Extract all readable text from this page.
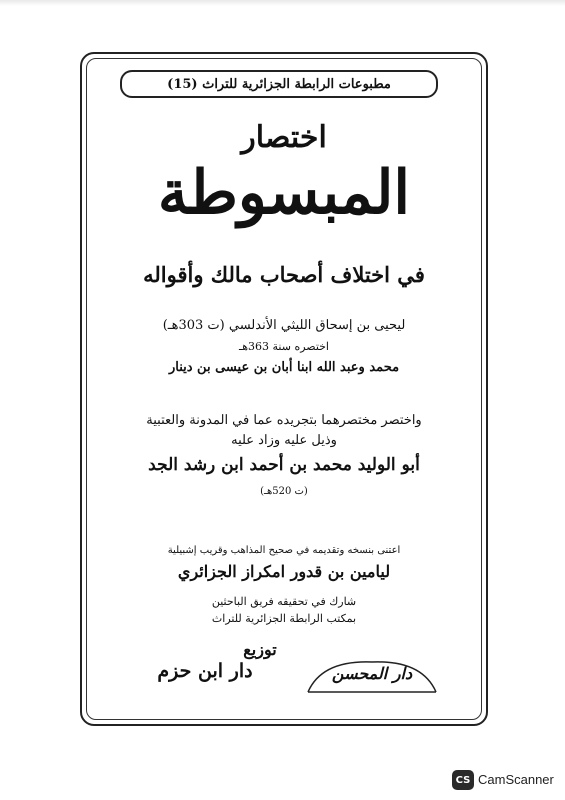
مطبوعات الرابطة الجزائرية للتراث (15)
اختصار
المبسوطة
في اختلاف أصحاب مالك وأقواله
ليحيى بن إسحاق الليثي الأندلسي (ت 303هـ)
اختصره سنة 363هـ
محمد وعبد الله ابنا أبان بن عيسى بن دينار
واختصر مختصرهما بتجريده عما في المدونة والعتبية
وذيل عليه وزاد عليه
أبو الوليد محمد بن أحمد ابن رشد الجد
(ت 520هـ)
اعتنى بنسخه وتقديمه في صحيح المذاهب وقريب إشبيلية
ليامين بن قدور امكراز الجزائري
شارك في تحقيقه فريق الباحثين
بمكتب الرابطة الجزائرية للتراث
توزيع
دار المحسن
دار ابن حزم
CS CamScanner
